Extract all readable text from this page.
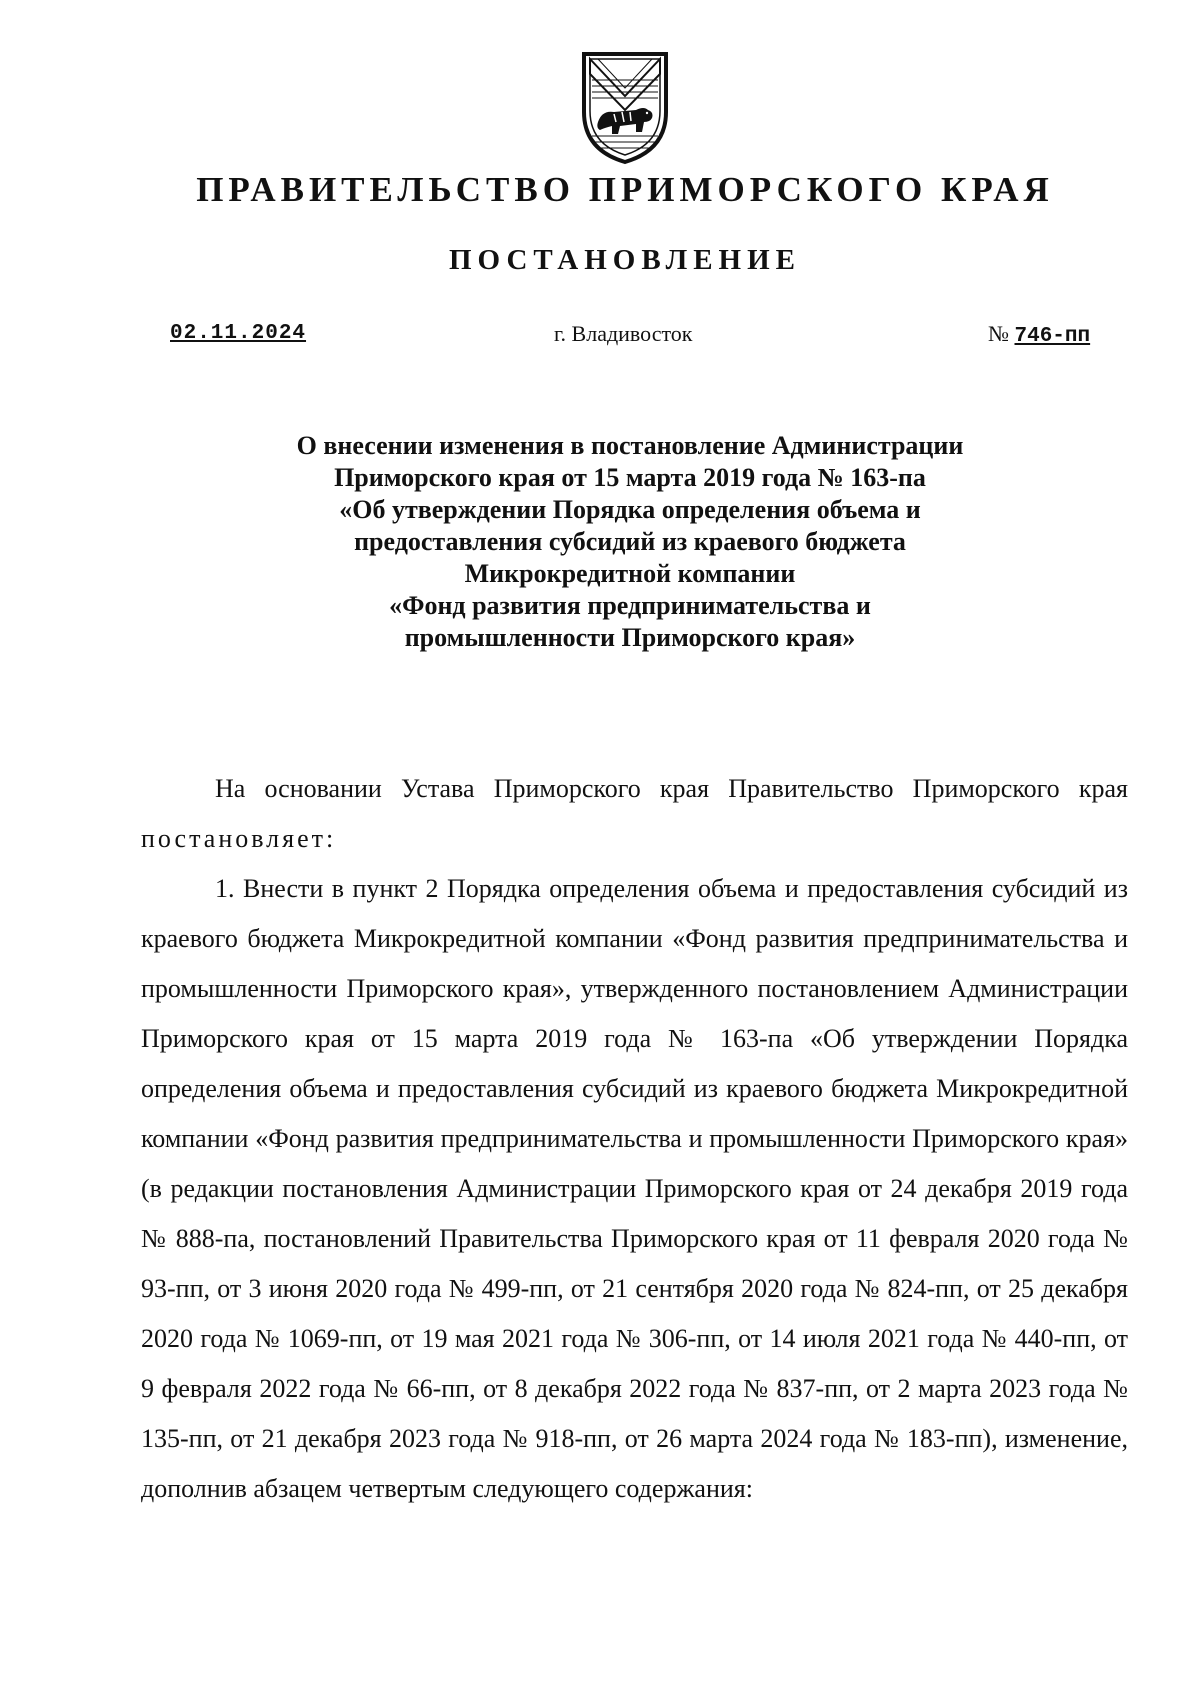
ПРАВИТЕЛЬСТВО ПРИМОРСКОГО КРАЯ
ПОСТАНОВЛЕНИЕ
02.11.2024	г. Владивосток	№ 746-пп
О внесении изменения в постановление Администрации
Приморского края от 15 марта 2019 года № 163-па
«Об утверждении Порядка определения объема и
предоставления субсидий из краевого бюджета
Микрокредитной компании
«Фонд развития предпринимательства и
промышленности Приморского края»

На основании Устава Приморского края Правительство Приморского края постановляет:

1. Внести в пункт 2 Порядка определения объема и предоставления субсидий из краевого бюджета Микрокредитной компании «Фонд развития предпринимательства и промышленности Приморского края», утвержденного постановлением Администрации Приморского края от 15 марта 2019 года № 163-па «Об утверждении Порядка определения объема и предоставления субсидий из краевого бюджета Микрокредитной компании «Фонд развития предпринимательства и промышленности Приморского края» (в редакции постановления Администрации Приморского края от 24 декабря 2019 года № 888-па, постановлений Правительства Приморского края от 11 февраля 2020 года № 93-пп, от 3 июня 2020 года № 499-пп, от 21 сентября 2020 года № 824-пп, от 25 декабря 2020 года № 1069-пп, от 19 мая 2021 года № 306-пп, от 14 июля 2021 года № 440-пп, от 9 февраля 2022 года № 66-пп, от 8 декабря 2022 года № 837-пп, от 2 марта 2023 года № 135-пп, от 21 декабря 2023 года № 918-пп, от 26 марта 2024 года № 183-пп), изменение, дополнив абзацем четвертым следующего содержания:
